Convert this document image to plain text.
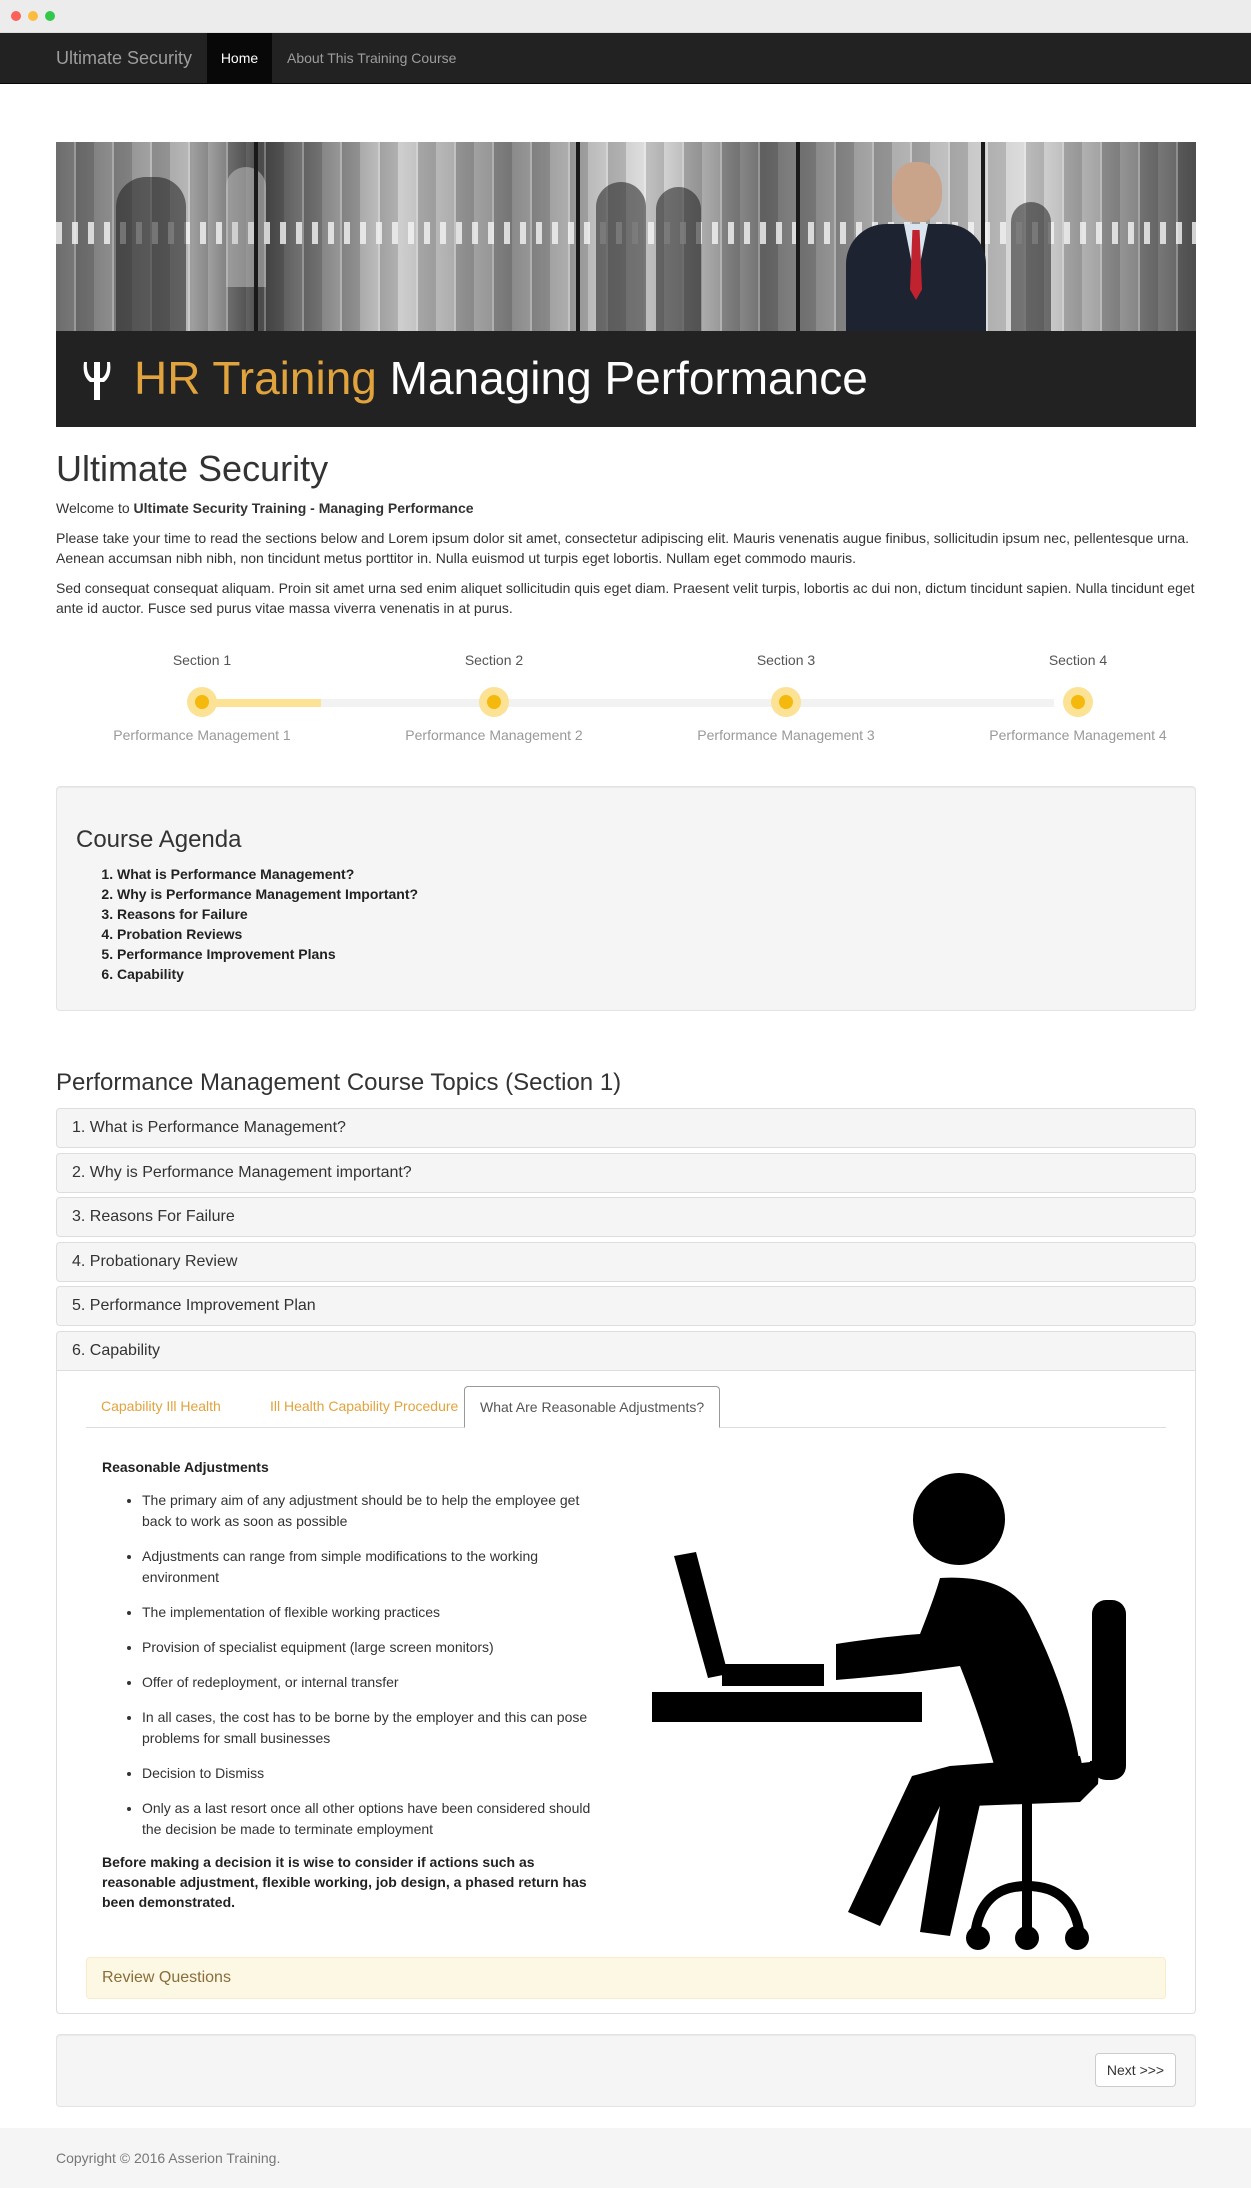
Ultimate Security	Home	About This Training Course
HR Training Managing Performance
Ultimate Security

Welcome to Ultimate Security Training - Managing Performance

Please take your time to read the sections below and Lorem ipsum dolor sit amet, consectetur adipiscing elit. Mauris venenatis augue finibus, sollicitudin ipsum nec, pellentesque urna. Aenean accumsan nibh nibh, non tincidunt metus porttitor in. Nulla euismod ut turpis eget lobortis. Nullam eget commodo mauris.

Sed consequat consequat aliquam. Proin sit amet urna sed enim aliquet sollicitudin quis eget diam. Praesent velit turpis, lobortis ac dui non, dictum tincidunt sapien. Nulla tincidunt eget ante id auctor. Fusce sed purus vitae massa viverra venenatis in at purus.

Section 1
Performance Management 1
Section 2
Performance Management 2
Section 3
Performance Management 3
Section 4
Performance Management 4
Course Agenda
1. What is Performance Management?
2. Why is Performance Management Important?
3. Reasons for Failure
4. Probation Reviews
5. Performance Improvement Plans
6. Capability
Performance Management Course Topics (Section 1)
1. What is Performance Management?
2. Why is Performance Management important?
3. Reasons For Failure
4. Probationary Review
5. Performance Improvement Plan
6. Capability
Capability Ill Health	Ill Health Capability Procedure	What Are Reasonable Adjustments?
Reasonable Adjustments
• The primary aim of any adjustment should be to help the employee get back to work as soon as possible
• Adjustments can range from simple modifications to the working environment
• The implementation of flexible working practices
• Provision of specialist equipment (large screen monitors)
• Offer of redeployment, or internal transfer
• In all cases, the cost has to be borne by the employer and this can pose problems for small businesses
• Decision to Dismiss
• Only as a last resort once all other options have been considered should the decision be made to terminate employment

Before making a decision it is wise to consider if actions such as reasonable adjustment, flexible working, job design, a phased return has been demonstrated.

Review Questions
Next >>>
Copyright © 2016 Asserion Training.
